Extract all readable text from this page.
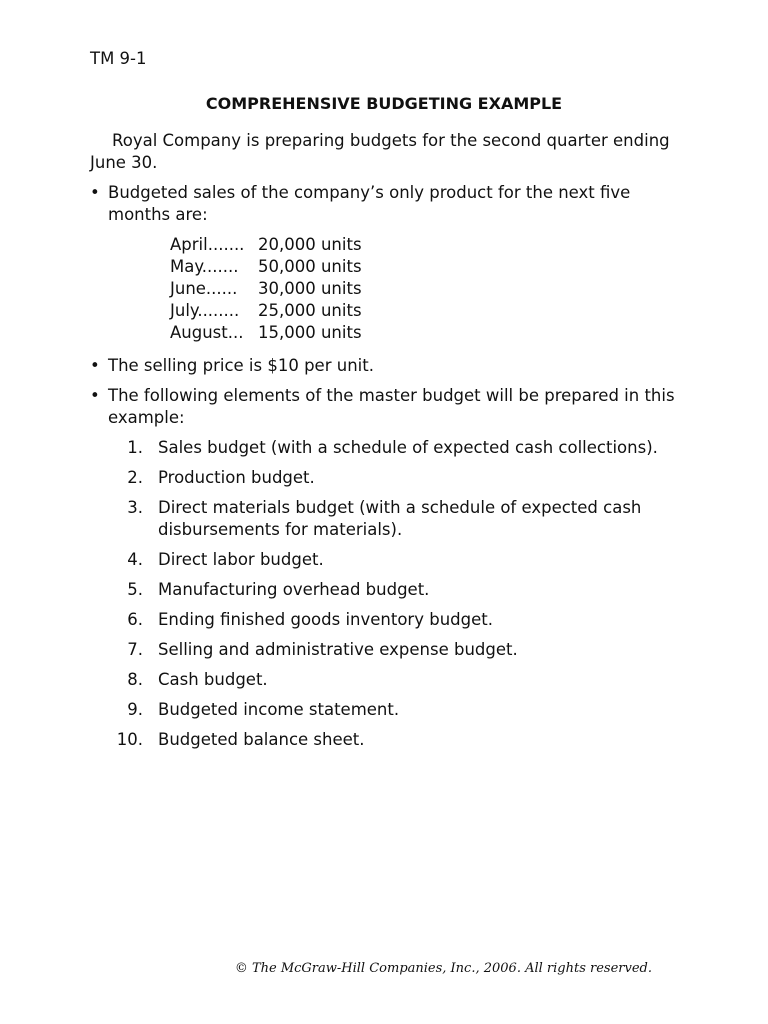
TM 9-1
COMPREHENSIVE BUDGETING EXAMPLE
Royal Company is preparing budgets for the second quarter ending June 30.
• Budgeted sales of the company’s only product for the next five months are:
April.......	20,000 units
May.......	50,000 units
June......	30,000 units
July........	25,000 units
August...	15,000 units
• The selling price is $10 per unit.
• The following elements of the master budget will be prepared in this example:
1. Sales budget (with a schedule of expected cash collections).
2. Production budget.
3. Direct materials budget (with a schedule of expected cash disbursements for materials).
4. Direct labor budget.
5. Manufacturing overhead budget.
6. Ending finished goods inventory budget.
7. Selling and administrative expense budget.
8. Cash budget.
9. Budgeted income statement.
10. Budgeted balance sheet.
© The McGraw-Hill Companies, Inc., 2006. All rights reserved.
